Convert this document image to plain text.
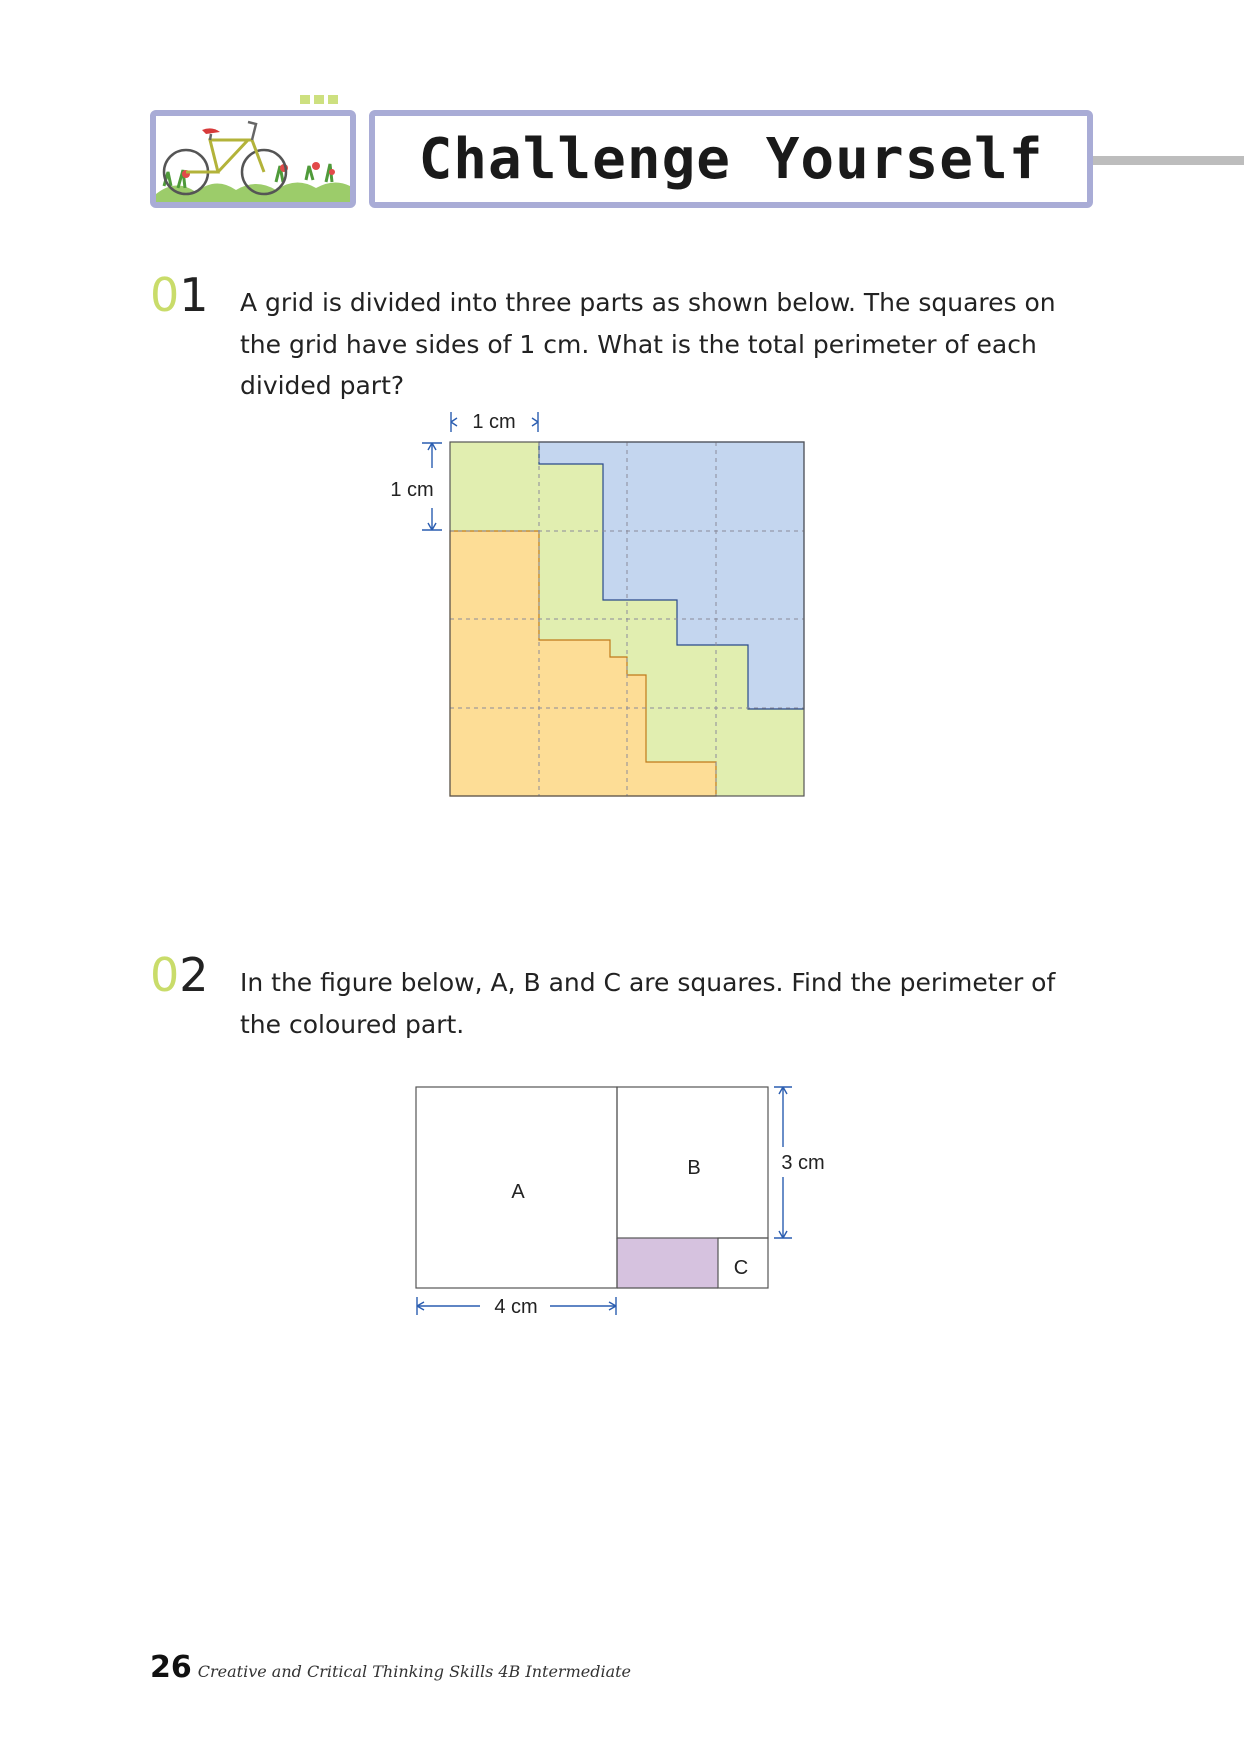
Challenge Yourself
01 A grid is divided into three parts as shown below. The squares on
the grid have sides of 1 cm. What is the total perimeter of each
divided part?
1 cm
1 cm
02 In the figure below, A, B and C are squares. Find the perimeter of
the coloured part.
A
B
C
3 cm
4 cm
26 Creative and Critical Thinking Skills 4B Intermediate
